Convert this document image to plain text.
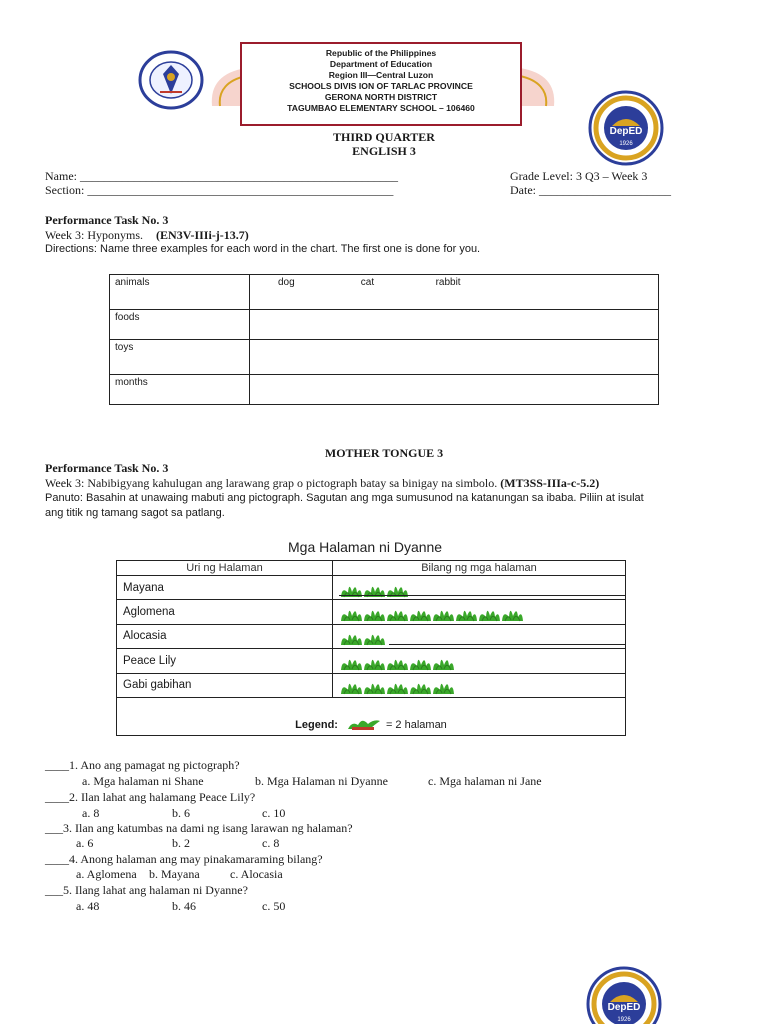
Republic of the Philippines
Department of Education
Region III—Central Luzon
SCHOOLS DIVIS ION OF TARLAC PROVINCE
GERONA NORTH DISTRICT
TAGUMBAO ELEMENTARY SCHOOL – 106460
DepED
1926
THIRD QUARTER
ENGLISH 3
Name: _____________________________________________________
Section: ___________________________________________________
Grade Level: 3 Q3 – Week 3
Date: ______________________
Performance Task No. 3
Week 3: Hyponyms. (EN3V-IIIi-j-13.7)
Directions: Name three examples for each word in the chart. The first one is done for you.
animals	dog cat rabbit
foods	
toys	
months	
MOTHER TONGUE 3
Performance Task No. 3
Week 3: Nabibigyang kahulugan ang larawang grap o pictograph batay sa binigay na simbolo. (MT3SS-IIIa-c-5.2)
Panuto: Basahin at unawaing mabuti ang pictograph. Sagutan ang mga sumusunod na katanungan sa ibaba. Piliin at isulat
ang titik ng tamang sagot sa patlang.
Mga Halaman ni Dyanne
Uri ng Halaman	Bilang ng mga halaman
Mayana	

Aglomena	

Alocasia	

Peace Lily	

Gabi gabihan	

Legend: = 2 halaman	
____1. Ano ang pamagat ng pictograph?
a. Mga halaman ni Shane	b. Mga Halaman ni Dyanne	c. Mga halaman ni Jane
____2. Ilan lahat ang halamang Peace Lily?
a. 8	b. 6	c. 10
___3. Ilan ang katumbas na dami ng isang larawan ng halaman?
a. 6	b. 2	c. 8
____4. Anong halaman ang may pinakamaraming bilang?
a. Aglomena b. Mayana	c. Alocasia
___5. Ilang lahat ang halaman ni Dyanne?
a. 48	b. 46	c. 50
DepED
1926
